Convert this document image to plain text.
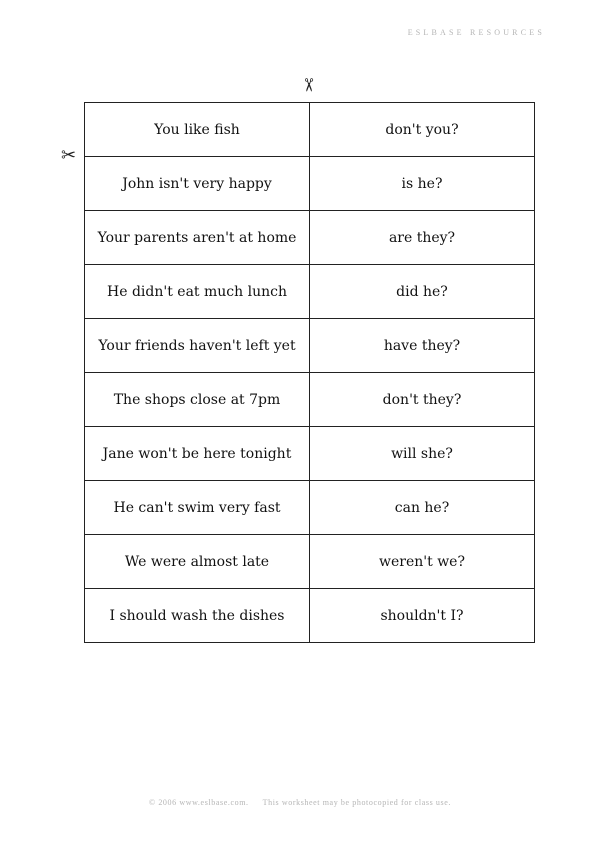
ESLBASE RESOURCES
✂
✂
You like fish	don't you?
John isn't very happy	is he?
Your parents aren't at home	are they?
He didn't eat much lunch	did he?
Your friends haven't left yet	have they?
The shops close at 7pm	don't they?
Jane won't be here tonight	will she?
He can't swim very fast	can he?
We were almost late	weren't we?
I should wash the dishes	shouldn't I?
© 2006 www.eslbase.com. This worksheet may be photocopied for class use.
